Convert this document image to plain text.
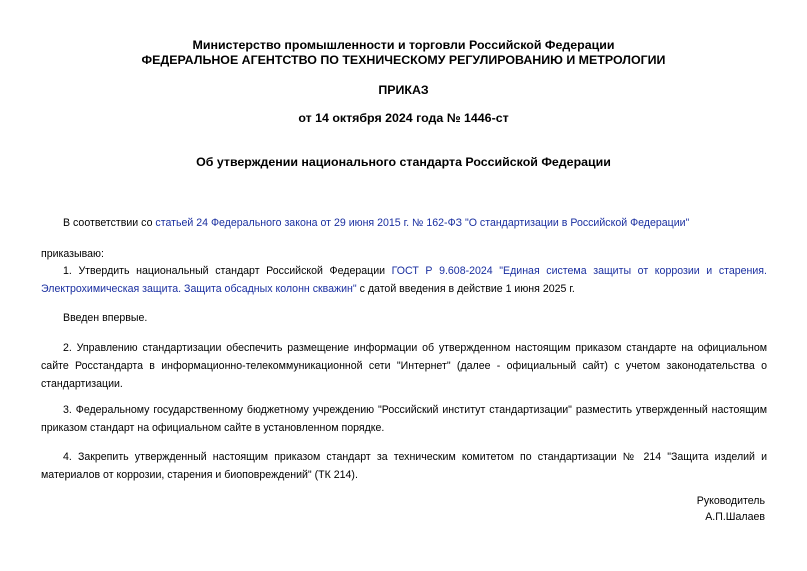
Министерство промышленности и торговли Российской Федерации
ФЕДЕРАЛЬНОЕ АГЕНТСТВО ПО ТЕХНИЧЕСКОМУ РЕГУЛИРОВАНИЮ И МЕТРОЛОГИИ
ПРИКАЗ
от 14 октября 2024 года № 1446-ст
Об утверждении национального стандарта Российской Федерации
В соответствии со статьей 24 Федерального закона от 29 июня 2015 г. № 162-ФЗ "О стандартизации в Российской Федерации"
приказываю:
1. Утвердить национальный стандарт Российской Федерации ГОСТ Р 9.608-2024 "Единая система защиты от коррозии и старения. Электрохимическая защита. Защита обсадных колонн скважин" с датой введения в действие 1 июня 2025 г.
Введен впервые.
2. Управлению стандартизации обеспечить размещение информации об утвержденном настоящим приказом стандарте на официальном сайте Росстандарта в информационно-телекоммуникационной сети "Интернет" (далее - официальный сайт) с учетом законодательства о стандартизации.
3. Федеральному государственному бюджетному учреждению "Российский институт стандартизации" разместить утвержденный настоящим приказом стандарт на официальном сайте в установленном порядке.
4. Закрепить утвержденный настоящим приказом стандарт за техническим комитетом по стандартизации № 214 "Защита изделий и материалов от коррозии, старения и биоповреждений" (ТК 214).
Руководитель
А.П.Шалаев
